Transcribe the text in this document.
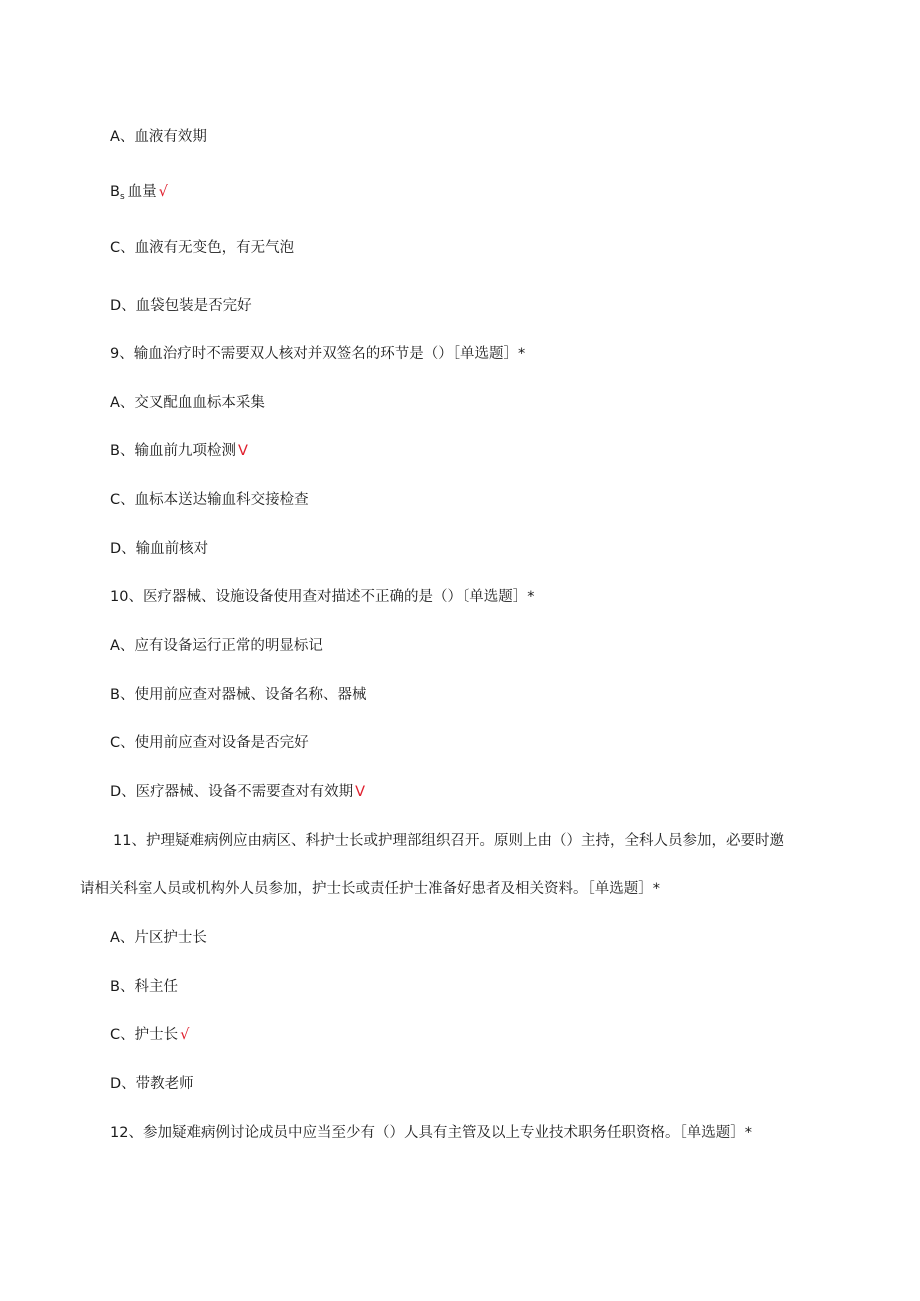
A、血液有效期
$B_s$ 血量 √
C、血液有无变色，有无气泡
D、血袋包装是否完好
9、输血治疗时不需要双人核对并双签名的环节是（）［单选题］*
A、交叉配血血标本采集
B、输血前九项检测 V
C、血标本送达输血科交接检查
D、输血前核对
10、医疗器械、设施设备使用查对描述不正确的是（）〔单选题］*
A、应有设备运行正常的明显标记
B、使用前应查对器械、设备名称、器械
C、使用前应查对设备是否完好
D、医疗器械、设备不需要查对有效期 V
11、护理疑难病例应由病区、科护士长或护理部组织召开。原则上由（）主持，全科人员参加，必要时邀
请相关科室人员或机构外人员参加，护士长或责任护士准备好患者及相关资料。［单选题］*
A、片区护士长
B、科主任
C、护士长 √
D、带教老师
12、参加疑难病例讨论成员中应当至少有（）人具有主管及以上专业技术职务任职资格。［单选题］*
